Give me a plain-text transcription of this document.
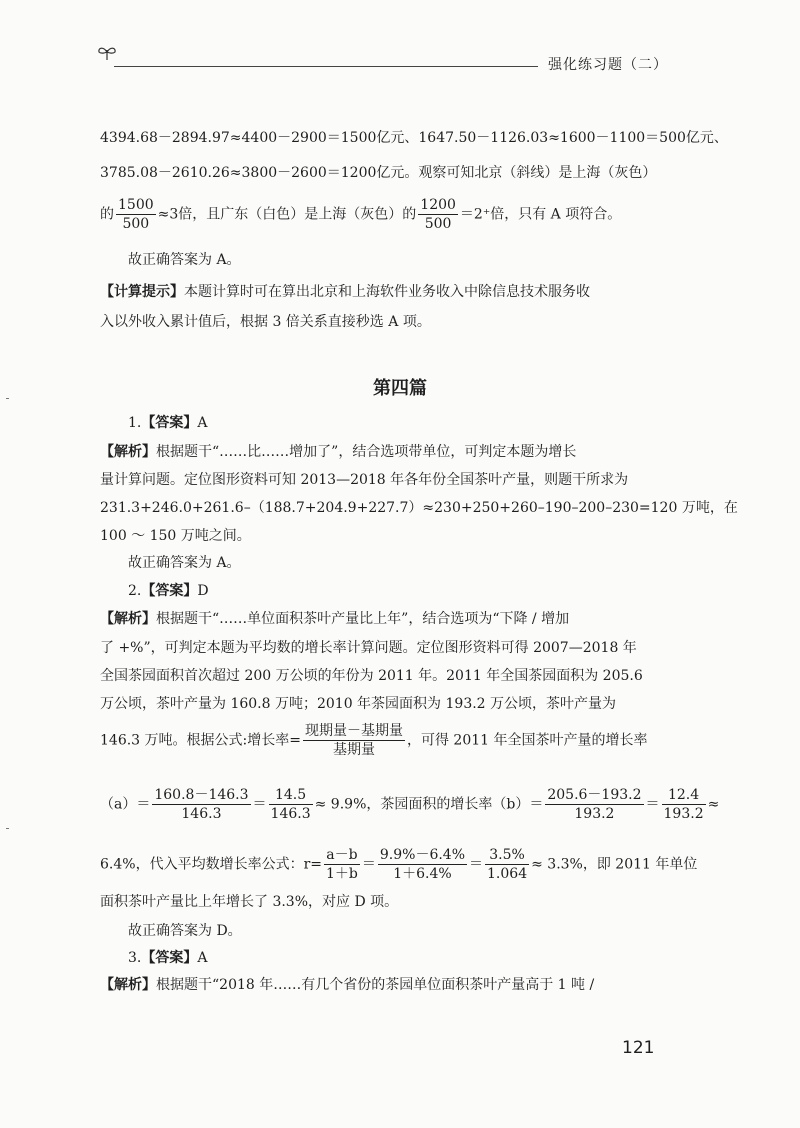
强化练习题（二）
4394.68－2894.97≈4400－2900＝1500亿元、1647.50－1126.03≈1600－1100＝500亿元、
3785.08－2610.26≈3800－2600＝1200亿元。观察可知北京（斜线）是上海（灰色）
的 $\frac{1500}{500} \approx 3$倍，且广东（白色）是上海（灰色）的 $\frac{1200}{500} =2^+$倍，只有 A 项符合。
故正确答案为 A。
【计算提示】本题计算时可在算出北京和上海软件业务收入中除信息技术服务收
入以外收入累计值后，根据 3 倍关系直接秒选 A 项。
第四篇
1.【答案】A
【解析】根据题干“……比……增加了”，结合选项带单位，可判定本题为增长
量计算问题。定位图形资料可知 2013—2018 年各年份全国茶叶产量，则题干所求为
231.3+246.0+261.6–（188.7+204.9+227.7）≈230+250+260–190–200–230=120 万吨，在
100 ～ 150 万吨之间。
故正确答案为 A。
2.【答案】D
【解析】根据题干“……单位面积茶叶产量比上年”，结合选项为“下降 / 增加
了 +%”，可判定本题为平均数的增长率计算问题。定位图形资料可得 2007—2018 年
全国茶园面积首次超过 200 万公顷的年份为 2011 年。2011 年全国茶园面积为 205.6
万公顷，茶叶产量为 160.8 万吨；2010 年茶园面积为 193.2 万公顷，茶叶产量为
146.3 万吨。根据公式:增长率= $\frac{\text{现期量－基期量}}{\text{基期量}}$ ，可得 2011 年全国茶叶产量的增长率
$(a)= \frac{160.8-146.3}{146.3} = \frac{14.5}{146.3} \approx 9.9\%$，茶园面积的增长率$(b)= \frac{205.6-193.2}{193.2} = \frac{12.4}{193.2}$ ≈
6.4%，代入平均数增长率公式：$r= \frac{a-b}{1+b} = \frac{9.9\%-6.4\%}{1+6.4\%} = \frac{3.5\%}{1.064} \approx 3.3\%$，即 2011 年单位
面积茶叶产量比上年增长了 3.3%，对应 D 项。
故正确答案为 D。
3.【答案】A
【解析】根据题干“2018 年……有几个省份的茶园单位面积茶叶产量高于 1 吨 /
121
